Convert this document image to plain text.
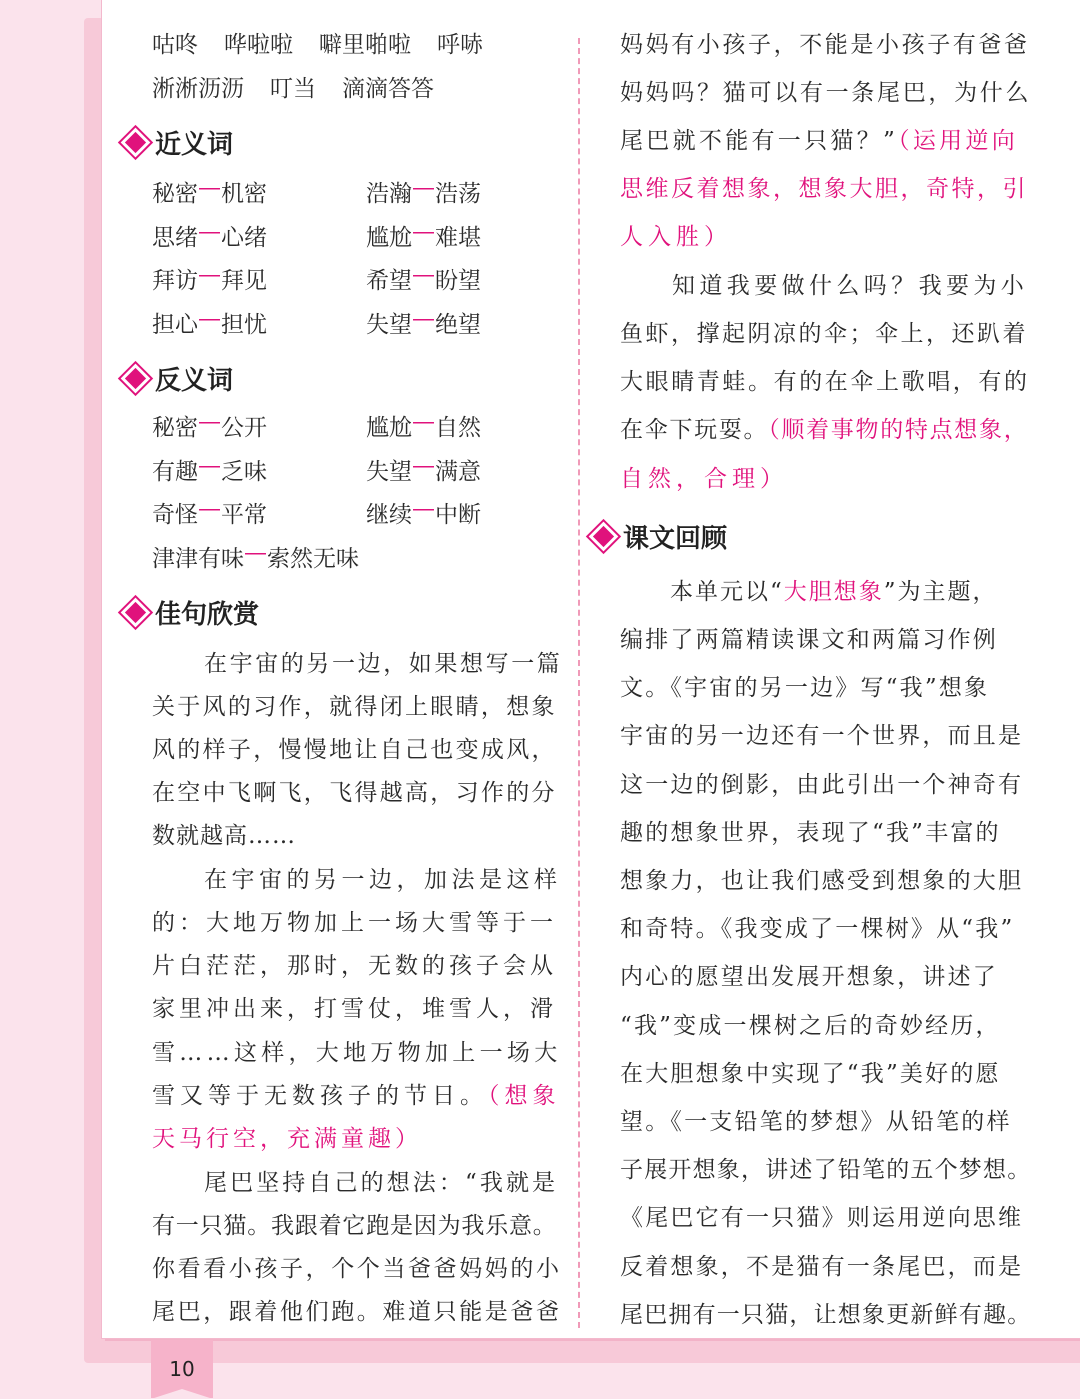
咕咚 哗啦啦 噼里啪啦 呼哧
淅淅沥沥 叮当 滴滴答答
近义词
秘密 — 机密	浩瀚 — 浩荡
思绪 — 心绪	尴尬 — 难堪
拜访 — 拜见	希望 — 盼望
担心 — 担忧	失望 — 绝望
反义词
秘密 — 公开	尴尬 — 自然
有趣 — 乏味	失望 — 满意
奇怪 — 平常	继续 — 中断
津津有味 — 索然无味
佳句欣赏
在宇宙的另一边，如果想写一篇
关于风的习作，就得闭上眼睛，想象
风的样子，慢慢地让自己也变成风，
在空中飞啊飞，飞得越高，习作的分
数就越高……
在宇宙的另一边，加法是这样
的：大地万物加上一场大雪等于一
片白茫茫，那时，无数的孩子会从
家里冲出来，打雪仗，堆雪人，滑
雪……这样，大地万物加上一场大
雪又等于无数孩子的节日。（想象
天马行空，充满童趣）
尾巴坚持自己的想法：“我就是
有一只猫。我跟着它跑是因为我乐意。
你看看小孩子，个个当爸爸妈妈的小
尾巴，跟着他们跑。难道只能是爸爸
妈妈有小孩子，不能是小孩子有爸爸
妈妈吗？猫可以有一条尾巴，为什么
尾巴就不能有一只猫？”（运用逆向
思维反着想象，想象大胆，奇特，引
人入胜）
知道我要做什么吗？我要为小
鱼虾，撑起阴凉的伞；伞上，还趴着
大眼睛青蛙。有的在伞上歌唱，有的
在伞下玩耍。（顺着事物的特点想象，
自然，合理）
课文回顾
本单元以“大胆想象”为主题，
编排了两篇精读课文和两篇习作例
文。《宇宙的另一边》写“我”想象
宇宙的另一边还有一个世界，而且是
这一边的倒影，由此引出一个神奇有
趣的想象世界，表现了“我”丰富的
想象力，也让我们感受到想象的大胆
和奇特。《我变成了一棵树》从“我”
内心的愿望出发展开想象，讲述了
“我”变成一棵树之后的奇妙经历，
在大胆想象中实现了“我”美好的愿
望。《一支铅笔的梦想》从铅笔的样
子展开想象，讲述了铅笔的五个梦想。
《尾巴它有一只猫》则运用逆向思维
反着想象，不是猫有一条尾巴，而是
尾巴拥有一只猫，让想象更新鲜有趣。
10
